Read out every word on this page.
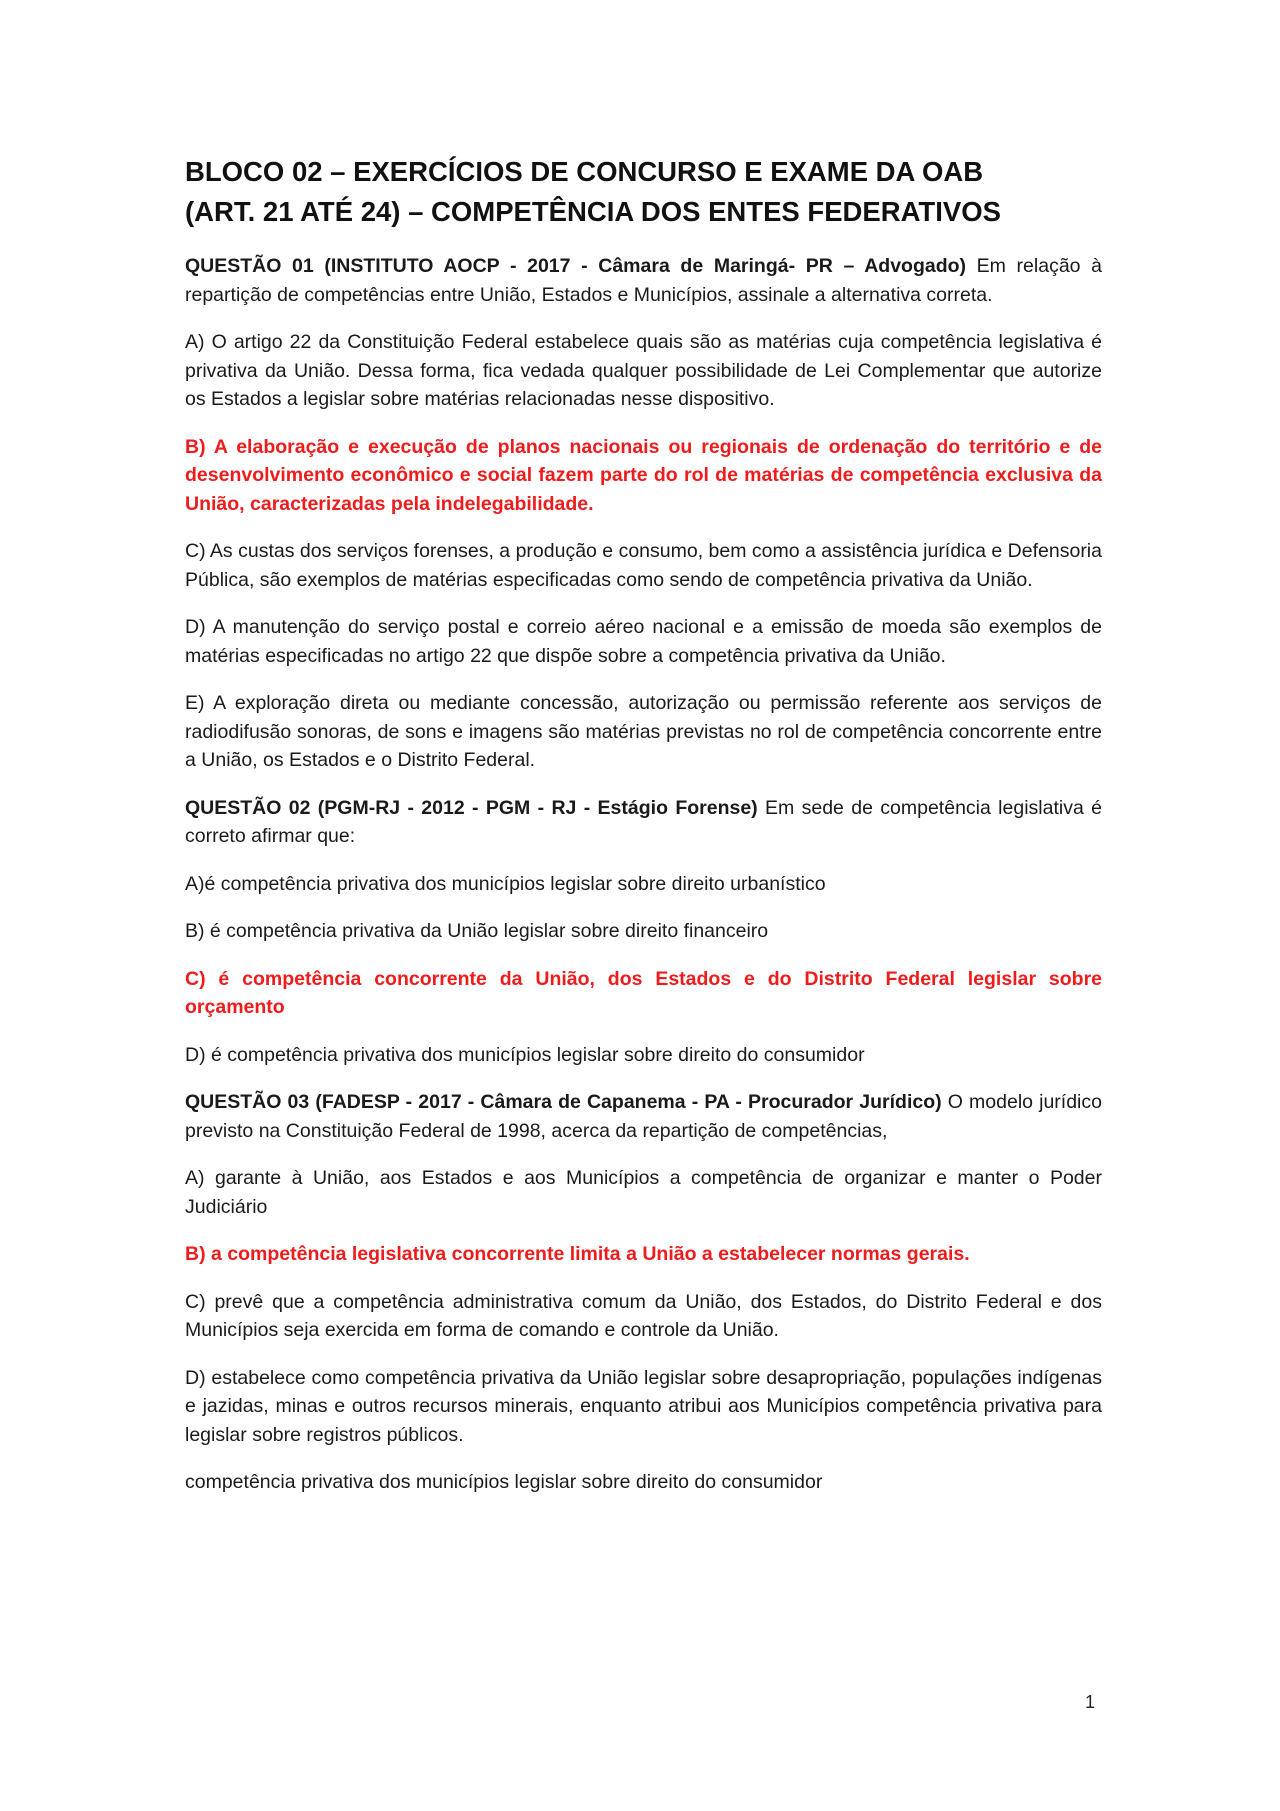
BLOCO 02 – EXERCÍCIOS DE CONCURSO E EXAME DA OAB
(ART. 21 ATÉ 24) – COMPETÊNCIA DOS ENTES FEDERATIVOS

QUESTÃO 01 (INSTITUTO AOCP - 2017 - Câmara de Maringá- PR – Advogado) Em relação à repartição de competências entre União, Estados e Municípios, assinale a alternativa correta.

A) O artigo 22 da Constituição Federal estabelece quais são as matérias cuja competência legislativa é privativa da União. Dessa forma, fica vedada qualquer possibilidade de Lei Complementar que autorize os Estados a legislar sobre matérias relacionadas nesse dispositivo.

B) A elaboração e execução de planos nacionais ou regionais de ordenação do território e de desenvolvimento econômico e social fazem parte do rol de matérias de competência exclusiva da União, caracterizadas pela indelegabilidade.

C) As custas dos serviços forenses, a produção e consumo, bem como a assistência jurídica e Defensoria Pública, são exemplos de matérias especificadas como sendo de competência privativa da União.

D) A manutenção do serviço postal e correio aéreo nacional e a emissão de moeda são exemplos de matérias especificadas no artigo 22 que dispõe sobre a competência privativa da União.

E) A exploração direta ou mediante concessão, autorização ou permissão referente aos serviços de radiodifusão sonoras, de sons e imagens são matérias previstas no rol de competência concorrente entre a União, os Estados e o Distrito Federal.

QUESTÃO 02 (PGM-RJ - 2012 - PGM - RJ - Estágio Forense) Em sede de competência legislativa é correto afirmar que:

A)é competência privativa dos municípios legislar sobre direito urbanístico

B) é competência privativa da União legislar sobre direito financeiro

C) é competência concorrente da União, dos Estados e do Distrito Federal legislar sobre orçamento

D) é competência privativa dos municípios legislar sobre direito do consumidor

QUESTÃO 03 (FADESP - 2017 - Câmara de Capanema - PA - Procurador Jurídico) O modelo jurídico previsto na Constituição Federal de 1998, acerca da repartição de competências,

A) garante à União, aos Estados e aos Municípios a competência de organizar e manter o Poder Judiciário

B) a competência legislativa concorrente limita a União a estabelecer normas gerais.

C) prevê que a competência administrativa comum da União, dos Estados, do Distrito Federal e dos Municípios seja exercida em forma de comando e controle da União.

D) estabelece como competência privativa da União legislar sobre desapropriação, populações indígenas e jazidas, minas e outros recursos minerais, enquanto atribui aos Municípios competência privativa para legislar sobre registros públicos.

competência privativa dos municípios legislar sobre direito do consumidor

1
